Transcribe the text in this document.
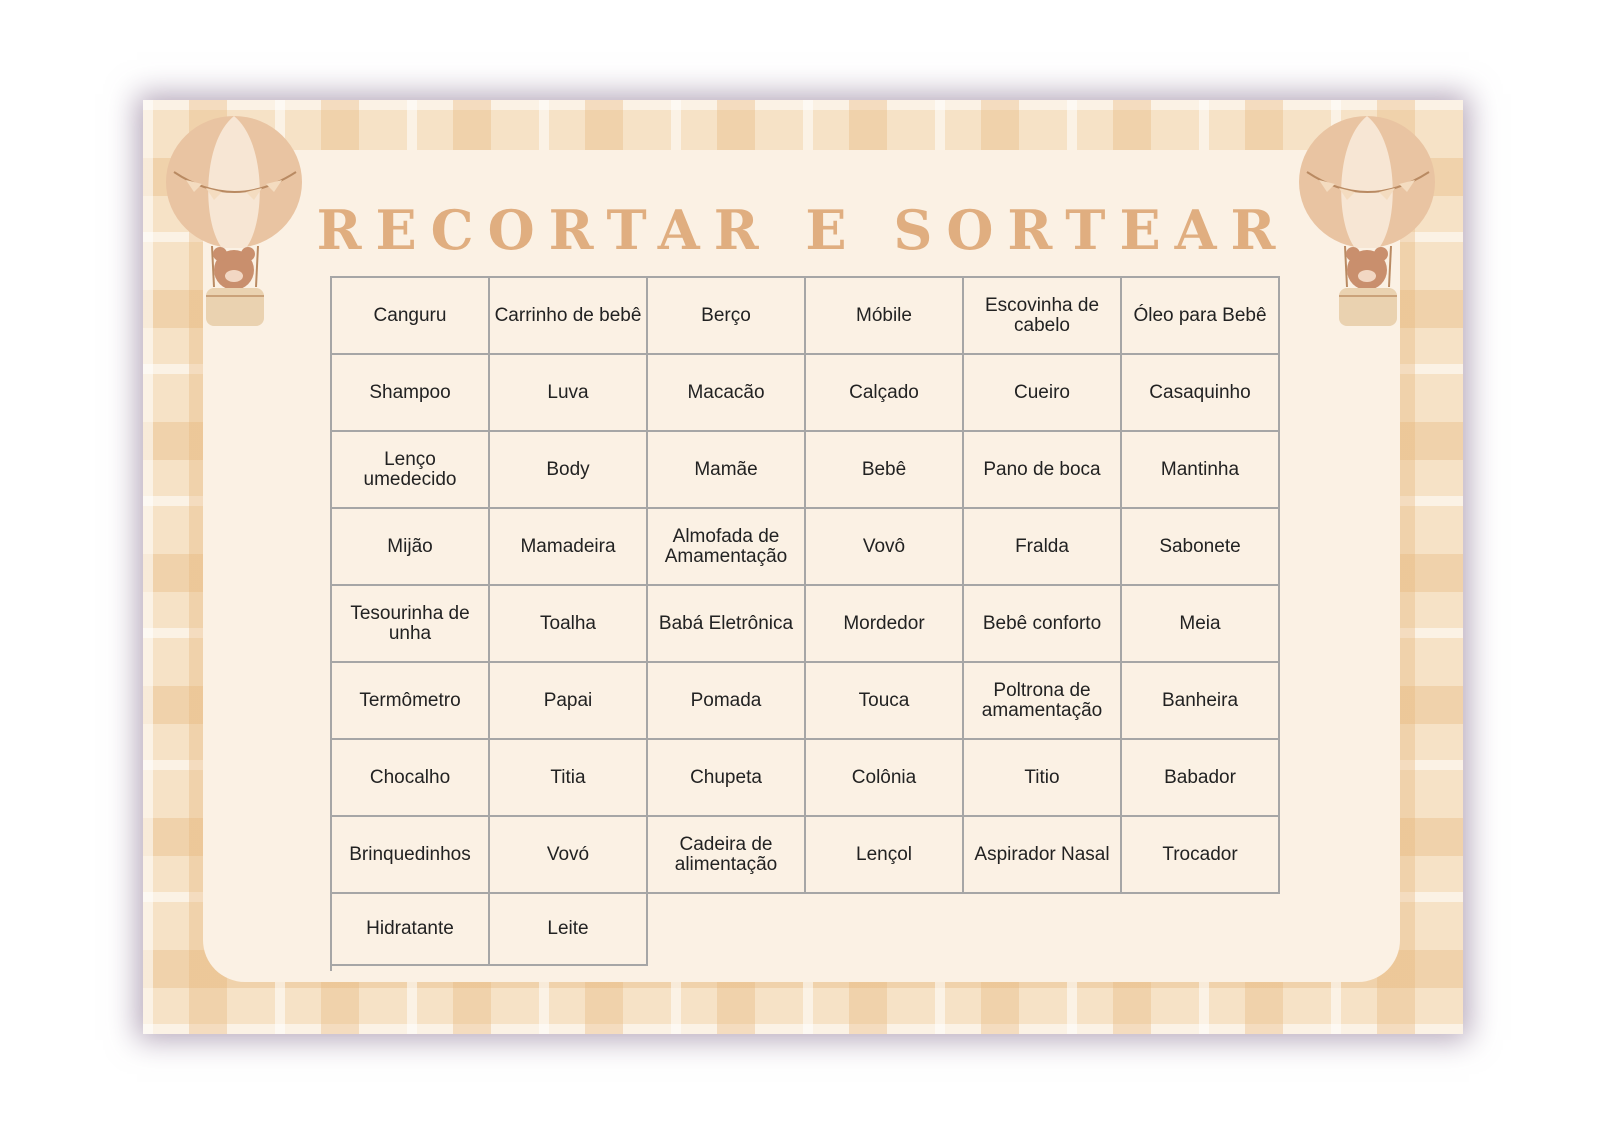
RECORTAR E SORTEAR
Canguru	Carrinho de bebê	Berço	Móbile	Escovinha de cabelo	Óleo para Bebê
Shampoo	Luva	Macacão	Calçado	Cueiro	Casaquinho
Lenço umedecido	Body	Mamãe	Bebê	Pano de boca	Mantinha
Mijão	Mamadeira	Almofada de Amamentação	Vovô	Fralda	Sabonete
Tesourinha de unha	Toalha	Babá Eletrônica	Mordedor	Bebê conforto	Meia
Termômetro	Papai	Pomada	Touca	Poltrona de amamentação	Banheira
Chocalho	Titia	Chupeta	Colônia	Titio	Babador
Brinquedinhos	Vovó	Cadeira de alimentação	Lençol	Aspirador Nasal	Trocador
Hidratante	Leite
